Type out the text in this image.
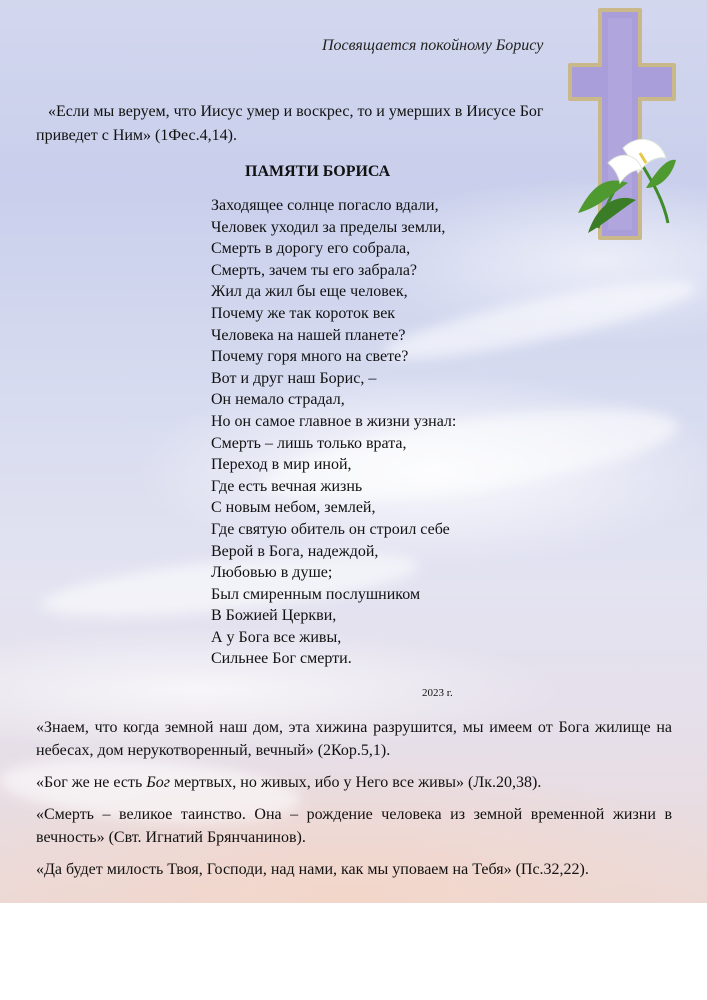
Посвящается покойному Борису
«Если мы веруем, что Иисус умер и воскрес, то и умерших в Иисусе Бог приведет с Ним» (1Фес.4,14).
ПАМЯТИ БОРИСА
Заходящее солнце погасло вдали,
Человек уходил за пределы земли,
Смерть в дорогу его собрала,
Смерть, зачем ты его забрала?
Жил да жил бы еще человек,
Почему же так короток век
Человека на нашей планете?
Почему горя много на свете?
Вот и друг наш Борис, –
Он немало страдал,
Но он самое главное в жизни узнал:
Смерть – лишь только врата,
Переход в мир иной,
Где есть вечная жизнь
С новым небом, землей,
Где святую обитель он строил себе
Верой в Бога, надеждой,
Любовью в душе;
Был смиренным послушником
В Божией Церкви,
А у Бога все живы,
Сильнее Бог смерти.
2023 г.

«Знаем, что когда земной наш дом, эта хижина разрушится, мы имеем от Бога жилище на небесах, дом нерукотворенный, вечный» (2Кор.5,1).

«Бог же не есть Бог мертвых, но живых, ибо у Него все живы» (Лк.20,38).

«Смерть – великое таинство. Она – рождение человека из земной временной жизни в вечность» (Свт. Игнатий Брянчанинов).

«Да будет милость Твоя, Господи, над нами, как мы уповаем на Тебя» (Пс.32,22).
